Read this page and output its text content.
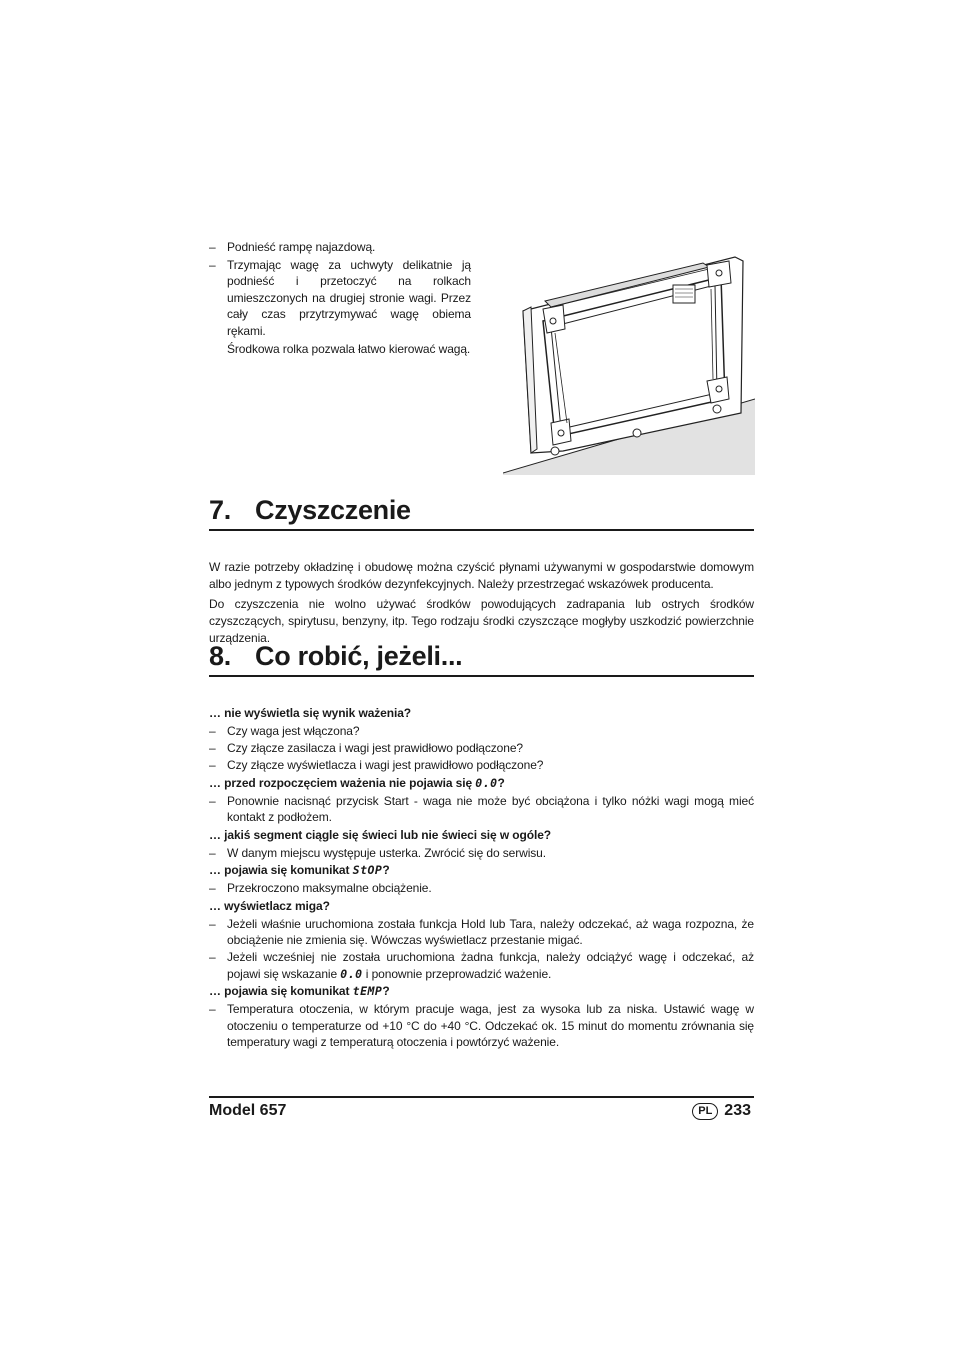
– Podnieść rampę najazdową.
– Trzymając wagę za uchwyty delikatnie ją podnieść i przetoczyć na rolkach umieszczonych na drugiej stronie wagi. Przez cały czas przytrzymywać wagę obiema rękami.
Środkowa rolka pozwala łatwo kierować wagą.
7. Czyszczenie
W razie potrzeby okładzinę i obudowę można czyścić płynami używanymi w gospodarstwie domowym albo jednym z typowych środków dezynfekcyjnych. Należy przestrzegać wskazówek producenta.
Do czyszczenia nie wolno używać środków powodujących zadrapania lub ostrych środków czyszczących, spirytusu, benzyny, itp. Tego rodzaju środki czyszczące mogłyby uszkodzić powierzchnie urządzenia.
8. Co robić, jeżeli...
… nie wyświetla się wynik ważenia?
– Czy waga jest włączona?
– Czy złącze zasilacza i wagi jest prawidłowo podłączone?
– Czy złącze wyświetlacza i wagi jest prawidłowo podłączone?
… przed rozpoczęciem ważenia nie pojawia się 0.0?
– Ponownie nacisnąć przycisk Start - waga nie może być obciążona i tylko nóżki wagi mogą mieć kontakt z podłożem.
… jakiś segment ciągle się świeci lub nie świeci się w ogóle?
– W danym miejscu występuje usterka. Zwrócić się do serwisu.
… pojawia się komunikat StOP?
– Przekroczono maksymalne obciążenie.
… wyświetlacz miga?
– Jeżeli właśnie uruchomiona została funkcja Hold lub Tara, należy odczekać, aż waga rozpozna, że obciążenie nie zmienia się. Wówczas wyświetlacz przestanie migać.
– Jeżeli wcześniej nie została uruchomiona żadna funkcja, należy odciążyć wagę i odczekać, aż pojawi się wskazanie 0.0 i ponownie przeprowadzić ważenie.
… pojawia się komunikat tEMP?
– Temperatura otoczenia, w którym pracuje waga, jest za wysoka lub za niska. Ustawić wagę w otoczeniu o temperaturze od +10 °C do +40 °C. Odczekać ok. 15 minut do momentu zrównania się temperatury wagi z temperaturą otoczenia i powtórzyć ważenie.
Model 657	PL 233
